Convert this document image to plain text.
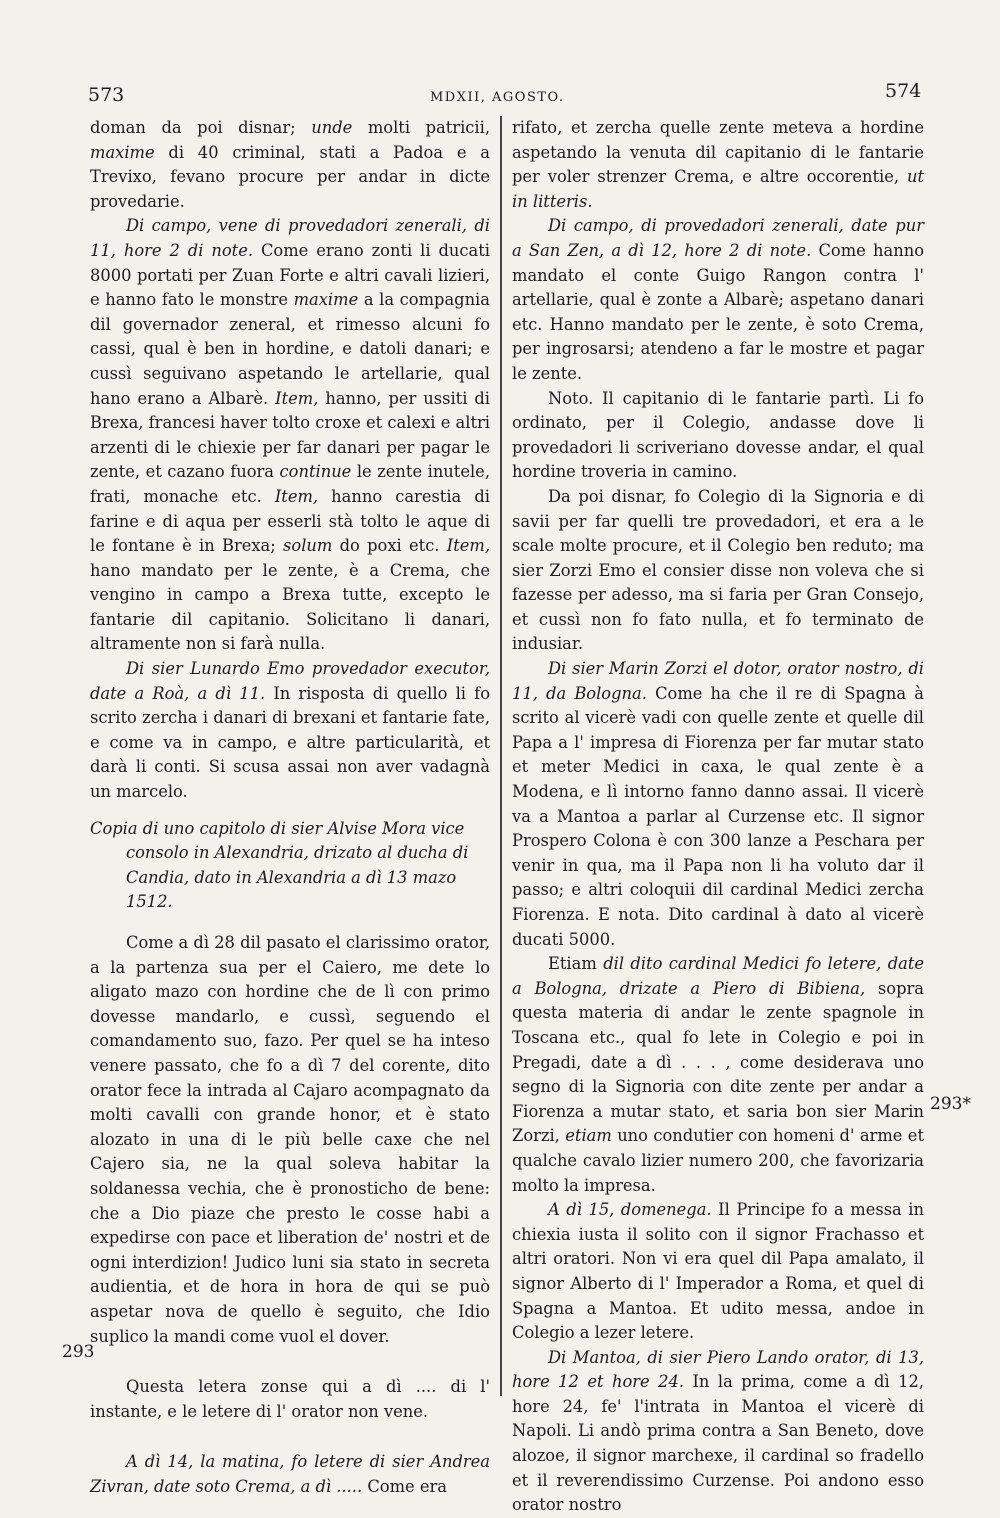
573	MDXII, AGOSTO.	574

doman da poi disnar; unde molti patricii, maxime di 40 criminal, stati a Padoa e a Trevixo, fevano procure per andar in dicte provedarie.

Di campo, vene di provedadori zenerali, di 11, hore 2 di note. Come erano zonti li ducati 8000 portati per Zuan Forte e altri cavali lizieri, e hanno fato le monstre maxime a la compagnia dil governador zeneral, et rimesso alcuni fo cassi, qual è ben in hordine, e datoli danari; e cussì seguivano aspetando le artellarie, qual hano erano a Albarè. Item, hanno, per ussiti di Brexa, francesi haver tolto croxe et calexi e altri arzenti di le chiexie per far danari per pagar le zente, et cazano fuora continue le zente inutele, frati, monache etc. Item, hanno carestia di farine e di aqua per esserli stà tolto le aque di le fontane è in Brexa; solum do poxi etc. Item, hano mandato per le zente, è a Crema, che vengino in campo a Brexa tutte, excepto le fantarie dil capitanio. Solicitano li danari, altramente non si farà nulla.

Di sier Lunardo Emo provedador executor, date a Roà, a dì 11. In risposta di quello li fo scrito zercha i danari di brexani et fantarie fate, e come va in campo, e altre particularità, et darà li conti. Si scusa assai non aver vadagnà un marcelo.

Copia di uno capitolo di sier Alvise Mora vice
consolo in Alexandria, drizato al ducha di
Candia, dato in Alexandria a dì 13 mazo
1512.

Come a dì 28 dil pasato el clarissimo orator, a la partenza sua per el Caiero, me dete lo aligato mazo con hordine che de lì con primo dovesse mandarlo, e cussì, seguendo el comandamento suo, fazo. Per quel se ha inteso venere passato, che fo a dì 7 del corente, dito orator fece la intrada al Cajaro acompagnato da molti cavalli con grande honor, et è stato alozato in una di le più belle caxe che nel Cajero sia, ne la qual soleva habitar la soldanessa vechia, che è pronosticho de bene: che a Dio piaze che presto le cosse habi a expedirse con pace et liberation de' nostri et de ogni interdizion! Judico luni sia stato in secreta audientia, et de hora in hora de qui se può aspetar nova de quello è seguito, che Idio suplico la mandi come vuol el dover.

Questa letera zonse qui a dì .... di l' instante, e le letere di l' orator non vene.

A dì 14, la matina, fo letere di sier Andrea Zivran, date soto Crema, a dì ..... Come era

rifato, et zercha quelle zente meteva a hordine aspetando la venuta dil capitanio di le fantarie per voler strenzer Crema, e altre occorentie, ut in litteris.

Di campo, di provedadori zenerali, date pur a San Zen, a dì 12, hore 2 di note. Come hanno mandato el conte Guigo Rangon contra l' artellarie, qual è zonte a Albarè; aspetano danari etc. Hanno mandato per le zente, è soto Crema, per ingrosarsi; atendeno a far le mostre et pagar le zente.

Noto. Il capitanio di le fantarie partì. Li fo ordinato, per il Colegio, andasse dove li provedadori li scriveriano dovesse andar, el qual hordine troveria in camino.

Da poi disnar, fo Colegio di la Signoria e di savii per far quelli tre provedadori, et era a le scale molte procure, et il Colegio ben reduto; ma sier Zorzi Emo el consier disse non voleva che si fazesse per adesso, ma si faria per Gran Consejo, et cussì non fo fato nulla, et fo terminato de indusiar.

Di sier Marin Zorzi el dotor, orator nostro, di 11, da Bologna. Come ha che il re di Spagna à scrito al vicerè vadi con quelle zente et quelle dil Papa a l' impresa di Fiorenza per far mutar stato et meter Medici in caxa, le qual zente è a Modena, e lì intorno fanno danno assai. Il vicerè va a Mantoa a parlar al Curzense etc. Il signor Prospero Colona è con 300 lanze a Peschara per venir in qua, ma il Papa non li ha voluto dar il passo; e altri coloquii dil cardinal Medici zercha Fiorenza. E nota. Dito cardinal à dato al vicerè ducati 5000.

Etiam dil dito cardinal Medici fo letere, date a Bologna, drizate a Piero di Bibiena, sopra questa materia di andar le zente spagnole in Toscana etc., qual fo lete in Colegio e poi in Pregadi, date a dì . . . , come desiderava uno segno di la Signoria con dite zente per andar a Fiorenza a mutar stato, et saria bon sier Marin Zorzi, etiam uno condutier con homeni d' arme et qualche cavalo lizier numero 200, che favorizaria molto la impresa.

A dì 15, domenega. Il Principe fo a messa in chiexia iusta il solito con il signor Frachasso et altri oratori. Non vi era quel dil Papa amalato, il signor Alberto di l' Imperador a Roma, et quel di Spagna a Mantoa. Et udito messa, andoe in Colegio a lezer letere.

Di Mantoa, di sier Piero Lando orator, di 13, hore 12 et hore 24. In la prima, come a dì 12, hore 24, fe' l'intrata in Mantoa el vicerè di Napoli. Li andò prima contra a San Beneto, dove alozoe, il signor marchexe, il cardinal so fradello et il reverendissimo Curzense. Poi andono esso orator nostro

293
293*
